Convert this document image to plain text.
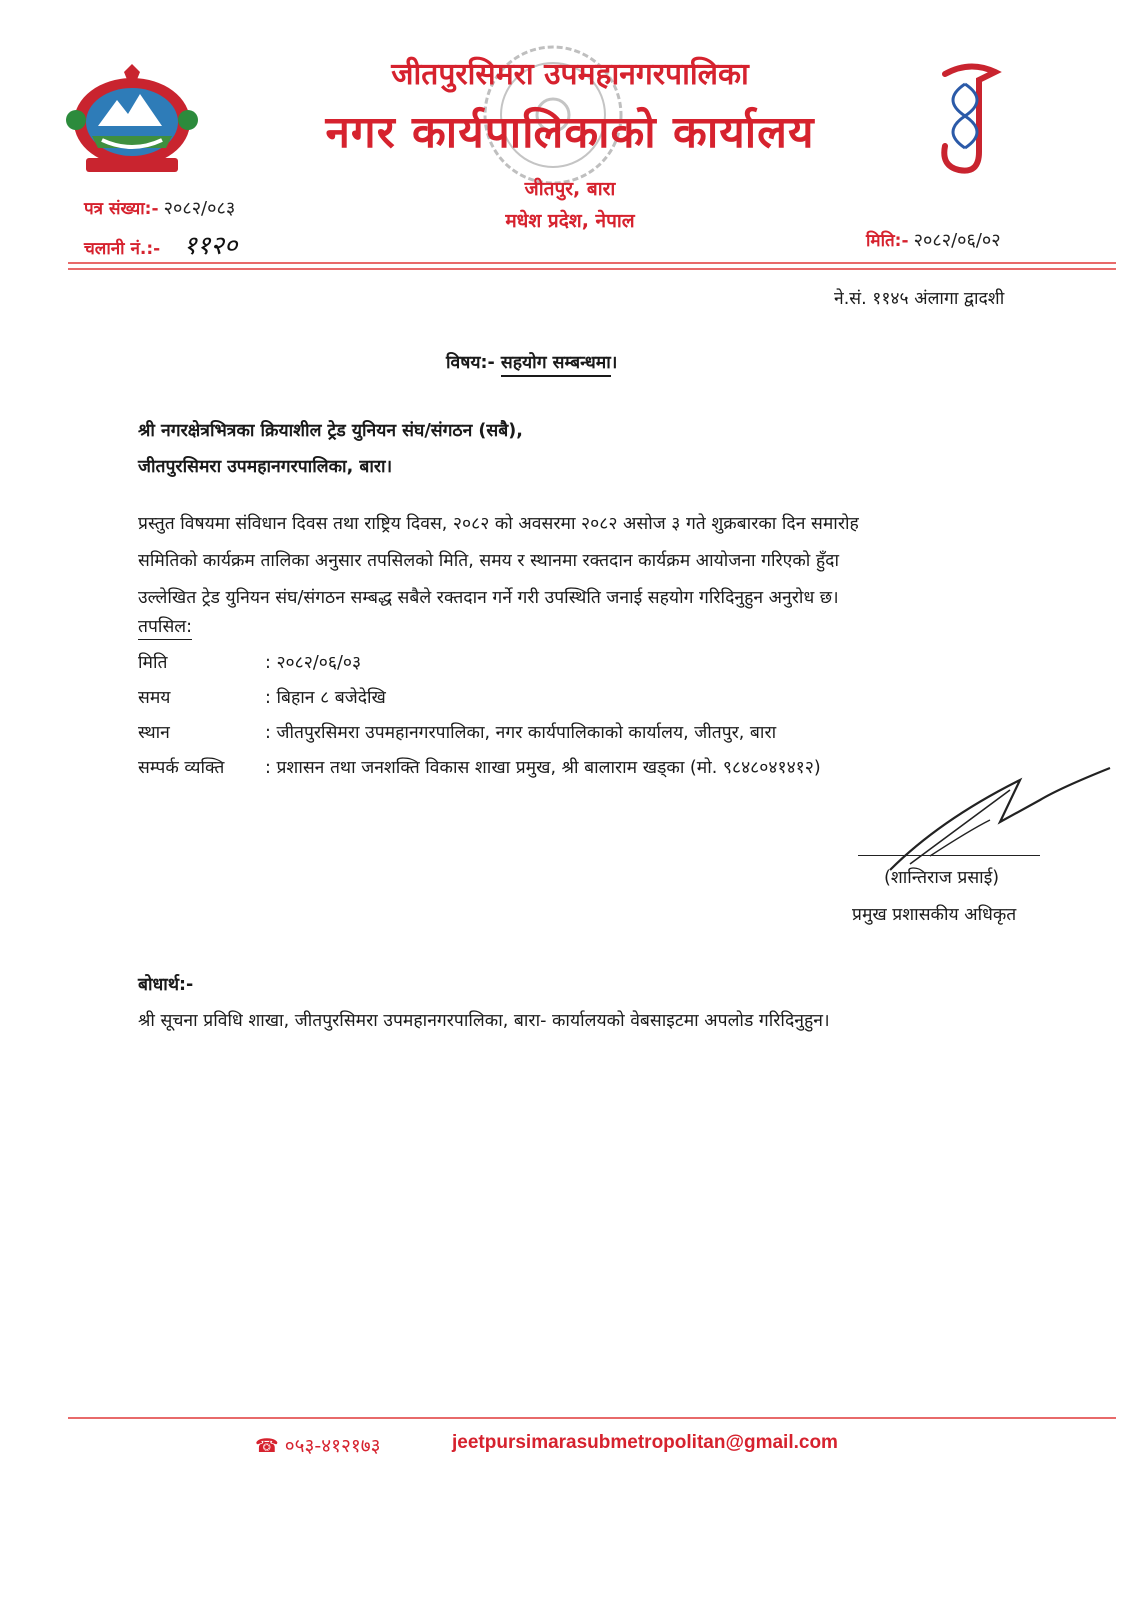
जीतपुरसिमरा उपमहानगरपालिका
नगर कार्यपालिकाको कार्यालय
जीतपुर, बारा
मधेश प्रदेश, नेपाल
पत्र संख्या:- २०८२/०८३
चलानी नं.:- ११२०	मिति:- २०८२/०६/०२
ने.सं. ११४५ अंलागा द्वादशी
विषय:- सहयोग सम्बन्धमा।
श्री नगरक्षेत्रभित्रका क्रियाशील ट्रेड युनियन संघ/संगठन (सबै),
जीतपुरसिमरा उपमहानगरपालिका, बारा।
प्रस्तुत विषयमा संविधान दिवस तथा राष्ट्रिय दिवस, २०८२ को अवसरमा २०८२ असोज ३ गते शुक्रबारका दिन समारोह
समितिको कार्यक्रम तालिका अनुसार तपसिलको मिति, समय र स्थानमा रक्तदान कार्यक्रम आयोजना गरिएको हुँदा
उल्लेखित ट्रेड युनियन संघ/संगठन सम्बद्ध सबैले रक्तदान गर्ने गरी उपस्थिति जनाई सहयोग गरिदिनुहुन अनुरोध छ।
तपसिल:
मिति	: २०८२/०६/०३
समय	: बिहान ८ बजेदेखि
स्थान	: जीतपुरसिमरा उपमहानगरपालिका, नगर कार्यपालिकाको कार्यालय, जीतपुर, बारा
सम्पर्क व्यक्ति : प्रशासन तथा जनशक्ति विकास शाखा प्रमुख, श्री बालाराम खड्का (मो. ९८४८०४१४१२)
(शान्तिराज प्रसाई)
प्रमुख प्रशासकीय अधिकृत
बोधार्थ:-
श्री सूचना प्रविधि शाखा, जीतपुरसिमरा उपमहानगरपालिका, बारा- कार्यालयको वेबसाइटमा अपलोड गरिदिनुहुन।
☎ ०५३-४१२१७३	jeetpursimarasubmetropolitan@gmail.com
